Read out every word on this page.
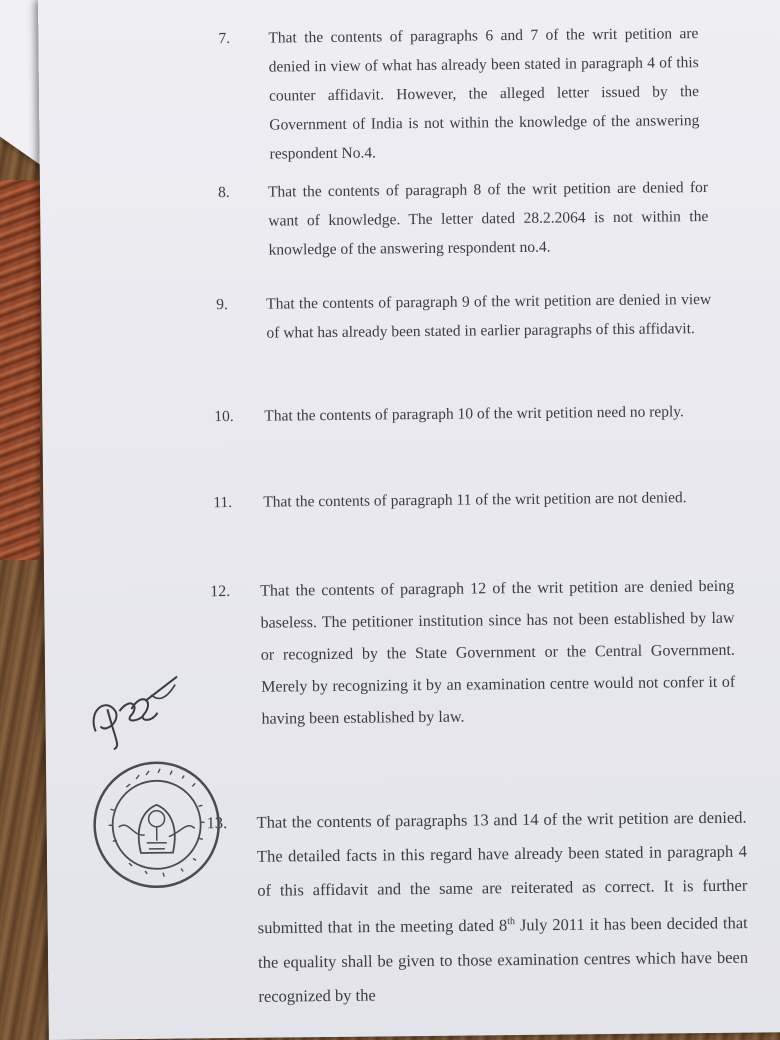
7.	That the contents of paragraphs 6 and 7 of the writ petition are denied in view of what has already been stated in paragraph 4 of this counter affidavit. However, the alleged letter issued by the Government of India is not within the knowledge of the answering respondent No.4.
8.	That the contents of paragraph 8 of the writ petition are denied for want of knowledge. The letter dated 28.2.2064 is not within the knowledge of the answering respondent no.4.
9.	That the contents of paragraph 9 of the writ petition are denied in view of what has already been stated in earlier paragraphs of this affidavit.
10.	That the contents of paragraph 10 of the writ petition need no reply.
11.	That the contents of paragraph 11 of the writ petition are not denied.
12.	That the contents of paragraph 12 of the writ petition are denied being baseless. The petitioner institution since has not been established by law or recognized by the State Government or the Central Government. Merely by recognizing it by an examination centre would not confer it of having been established by law.
13.	That the contents of paragraphs 13 and 14 of the writ petition are denied. The detailed facts in this regard have already been stated in paragraph 4 of this affidavit and the same are reiterated as correct. It is further submitted that in the meeting dated 8th July 2011 it has been decided that the equality shall be given to those examination centres which have been recognized by the
